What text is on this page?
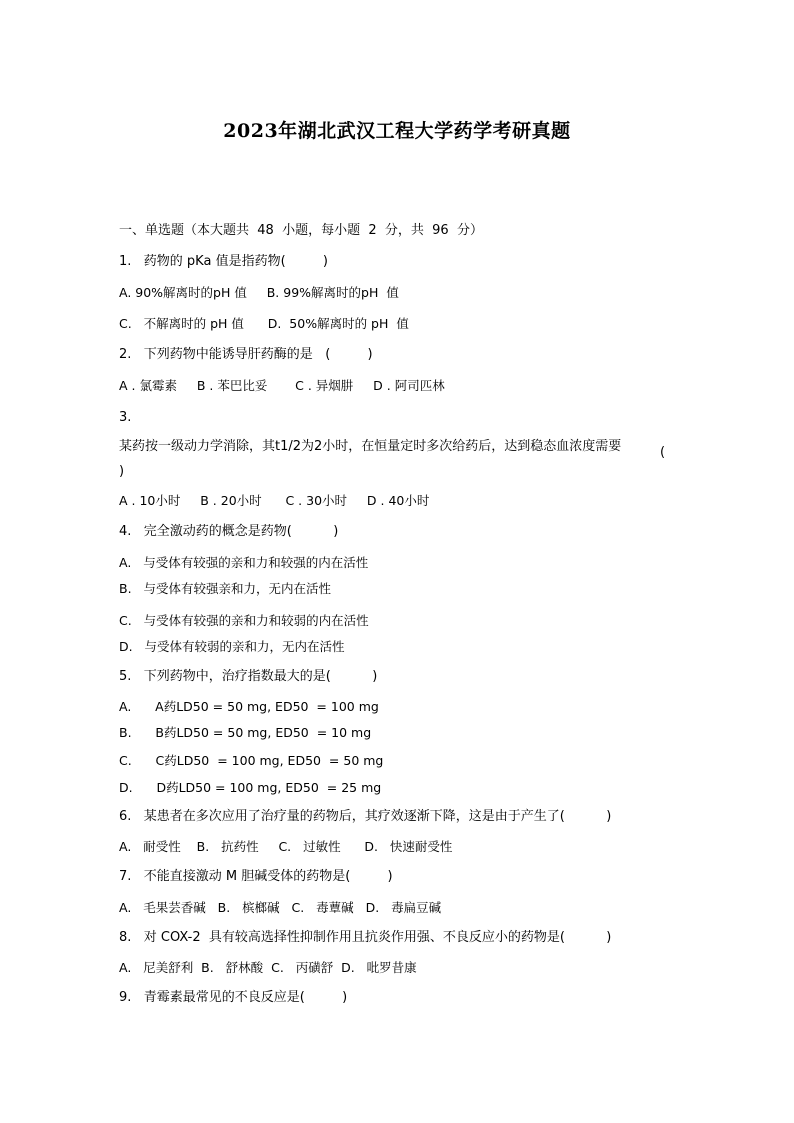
2023年湖北武汉工程大学药学考研真题
一、单选题（本大题共  48  小题，每小题  2  分，共  96  分）
1.   药物的 pKa 值是指药物(         )
A. 90%解离时的pH 值     B. 99%解离时的pH  值
C.   不解离时的 pH 值      D.  50%解离时的 pH  值
2.   下列药物中能诱导肝药酶的是   (         )
A . 氯霉素     B . 苯巴比妥       C . 异烟肼     D . 阿司匹林
3.
某药按一级动力学消除，其t1/2为2小时，在恒量定时多次给药后，达到稳态血浓度需要	(
)
A . 10小时     B . 20小时      C . 30小时     D . 40小时
4.   完全激动药的概念是药物(          )
A.   与受体有较强的亲和力和较强的内在活性
B.   与受体有较强亲和力，无内在活性
C.   与受体有较强的亲和力和较弱的内在活性
D.   与受体有较弱的亲和力，无内在活性
5.   下列药物中，治疗指数最大的是(          )
A.      A药LD50 = 50 mg, ED50  = 100 mg
B.      B药LD50 = 50 mg, ED50  = 10 mg
C.      C药LD50  = 100 mg, ED50  = 50 mg
D.      D药LD50 = 100 mg, ED50  = 25 mg
6.   某患者在多次应用了治疗量的药物后，其疗效逐渐下降，这是由于产生了(          )
A.   耐受性    B.   抗药性     C.   过敏性      D.   快速耐受性
7.   不能直接激动 M 胆碱受体的药物是(         )
A.   毛果芸香碱   B.   槟榔碱   C.   毒蕈碱   D.   毒扁豆碱
8.   对 COX-2  具有较高选择性抑制作用且抗炎作用强、不良反应小的药物是(          )
A.   尼美舒利  B.   舒林酸  C.   丙磺舒  D.   吡罗昔康
9.   青霉素最常见的不良反应是(         )
